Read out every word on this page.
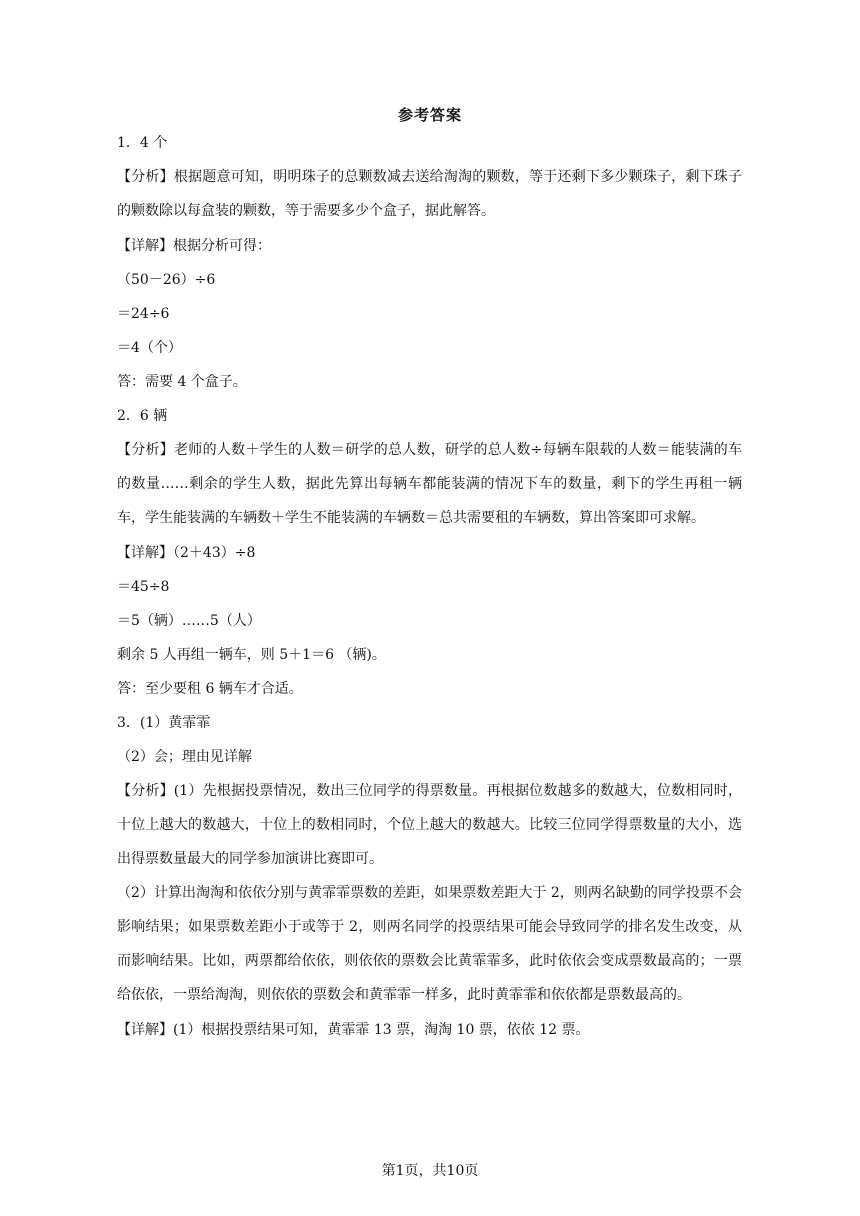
参考答案
1．4 个
【分析】根据题意可知，明明珠子的总颗数减去送给淘淘的颗数，等于还剩下多少颗珠子，剩下珠子的颗数除以每盒装的颗数，等于需要多少个盒子，据此解答。
【详解】根据分析可得：
（50－26）÷6
＝24÷6
＝4（个）
答：需要 4 个盒子。
2．6 辆
【分析】老师的人数＋学生的人数＝研学的总人数，研学的总人数÷每辆车限载的人数＝能装满的车的数量……剩余的学生人数，据此先算出每辆车都能装满的情况下车的数量，剩下的学生再租一辆车，学生能装满的车辆数＋学生不能装满的车辆数＝总共需要租的车辆数，算出答案即可求解。
【详解】（2＋43）÷8
＝45÷8
＝5（辆）……5（人）
剩余 5 人再组一辆车，则 5＋1＝6 （辆)。
答：至少要租 6 辆车才合适。
3．(1）黄霏霏
（2）会；理由见详解
【分析】(1）先根据投票情况，数出三位同学的得票数量。再根据位数越多的数越大，位数相同时，十位上越大的数越大，十位上的数相同时，个位上越大的数越大。比较三位同学得票数量的大小，选出得票数量最大的同学参加演讲比赛即可。
（2）计算出淘淘和依依分别与黄霏霏票数的差距，如果票数差距大于 2，则两名缺勤的同学投票不会影响结果；如果票数差距小于或等于 2，则两名同学的投票结果可能会导致同学的排名发生改变，从而影响结果。比如，两票都给依依，则依依的票数会比黄霏霏多，此时依依会变成票数最高的；一票给依依，一票给淘淘，则依依的票数会和黄霏霏一样多，此时黄霏霏和依依都是票数最高的。
【详解】(1）根据投票结果可知，黄霏霏 13 票，淘淘 10 票，依依 12 票。
第1页，共10页
